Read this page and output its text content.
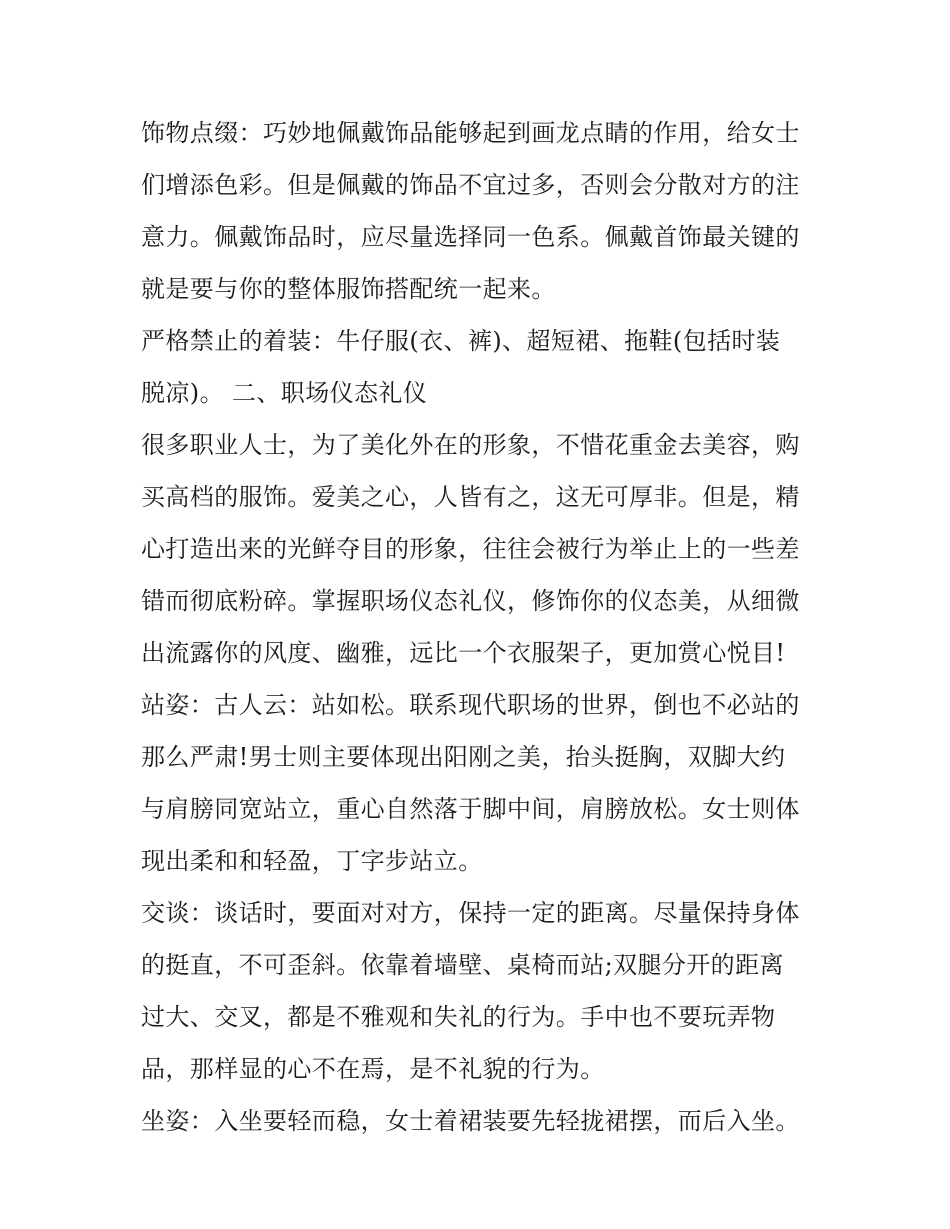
饰物点缀：巧妙地佩戴饰品能够起到画龙点睛的作用，给女士
们增添色彩。但是佩戴的饰品不宜过多，否则会分散对方的注
意力。佩戴饰品时，应尽量选择同一色系。佩戴首饰最关键的
就是要与你的整体服饰搭配统一起来。
严格禁止的着装：牛仔服(衣、裤)、超短裙、拖鞋(包括时装
脱凉)。 二、职场仪态礼仪
很多职业人士，为了美化外在的形象，不惜花重金去美容，购
买高档的服饰。爱美之心，人皆有之，这无可厚非。但是，精
心打造出来的光鲜夺目的形象，往往会被行为举止上的一些差
错而彻底粉碎。掌握职场仪态礼仪，修饰你的仪态美，从细微
出流露你的风度、幽雅，远比一个衣服架子，更加赏心悦目!
站姿：古人云：站如松。联系现代职场的世界，倒也不必站的
那么严肃!男士则主要体现出阳刚之美，抬头挺胸，双脚大约
与肩膀同宽站立，重心自然落于脚中间，肩膀放松。女士则体
现出柔和和轻盈，丁字步站立。
交谈：谈话时，要面对对方，保持一定的距离。尽量保持身体
的挺直，不可歪斜。依靠着墙壁、桌椅而站;双腿分开的距离
过大、交叉，都是不雅观和失礼的行为。手中也不要玩弄物
品，那样显的心不在焉，是不礼貌的行为。
坐姿：入坐要轻而稳，女士着裙装要先轻拢裙摆，而后入坐。
